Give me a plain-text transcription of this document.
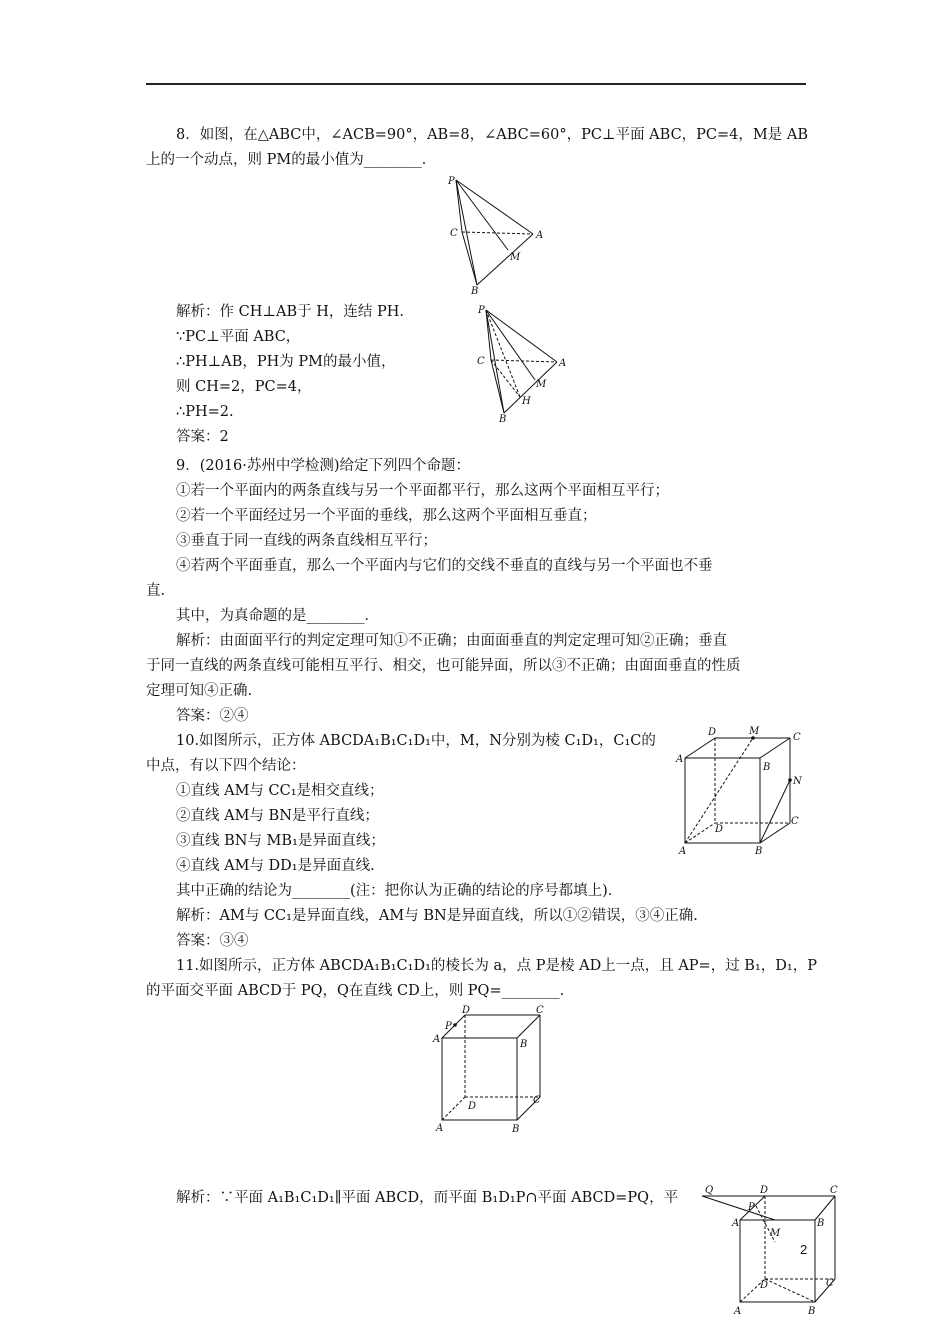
8．如图，在△ABC中，∠ACB=90°，AB=8，∠ABC=60°，PC⊥平面 ABC，PC=4，M是 AB
上的一个动点，则 PM的最小值为________．
P
C	A
M
B
解析：作 CH⊥AB于 H，连结 PH.
∵PC⊥平面 ABC，
∴PH⊥AB，PH为 PM的最小值，
则 CH=2，PC=4，
∴PH=2.
答案：2
P
C	A
M
H
B
9．(2016·苏州中学检测)给定下列四个命题：
①若一个平面内的两条直线与另一个平面都平行，那么这两个平面相互平行；
②若一个平面经过另一个平面的垂线，那么这两个平面相互垂直；
③垂直于同一直线的两条直线相互平行；
④若两个平面垂直，那么一个平面内与它们的交线不垂直的直线与另一个平面也不垂
直.
其中，为真命题的是________．
解析：由面面平行的判定定理可知①不正确；由面面垂直的判定定理可知②正确；垂直
于同一直线的两条直线可能相互平行、相交，也可能异面，所以③不正确；由面面垂直的性质
定理可知④正确.
答案：②④
10.如图所示，正方体 ABCDA₁B₁C₁D₁中，M，N分别为棱 C₁D₁，C₁C的
中点，有以下四个结论：
①直线 AM与 CC₁是相交直线；
②直线 AM与 BN是平行直线；
③直线 BN与 MB₁是异面直线；
④直线 AM与 DD₁是异面直线.
其中正确的结论为________(注：把你认为正确的结论的序号都填上)．
解析：AM与 CC₁是异面直线，AM与 BN是异面直线，所以①②错误，③④正确.
答案：③④
D	M
C
A
B
N
D
C
A	B
11.如图所示，正方体 ABCDA₁B₁C₁D₁的棱长为 a，点 P是棱 AD上一点，且 AP=，过 B₁，D₁，P
的平面交平面 ABCD于 PQ，Q在直线 CD上，则 PQ=________.
D	C
P
A	B
D
C
A	B
解析：∵平面 A₁B₁C₁D₁∥平面 ABCD，而平面 B₁D₁P∩平面 ABCD=PQ，平	Q	D	C
P
A	B
M
2
D	C
A	B
